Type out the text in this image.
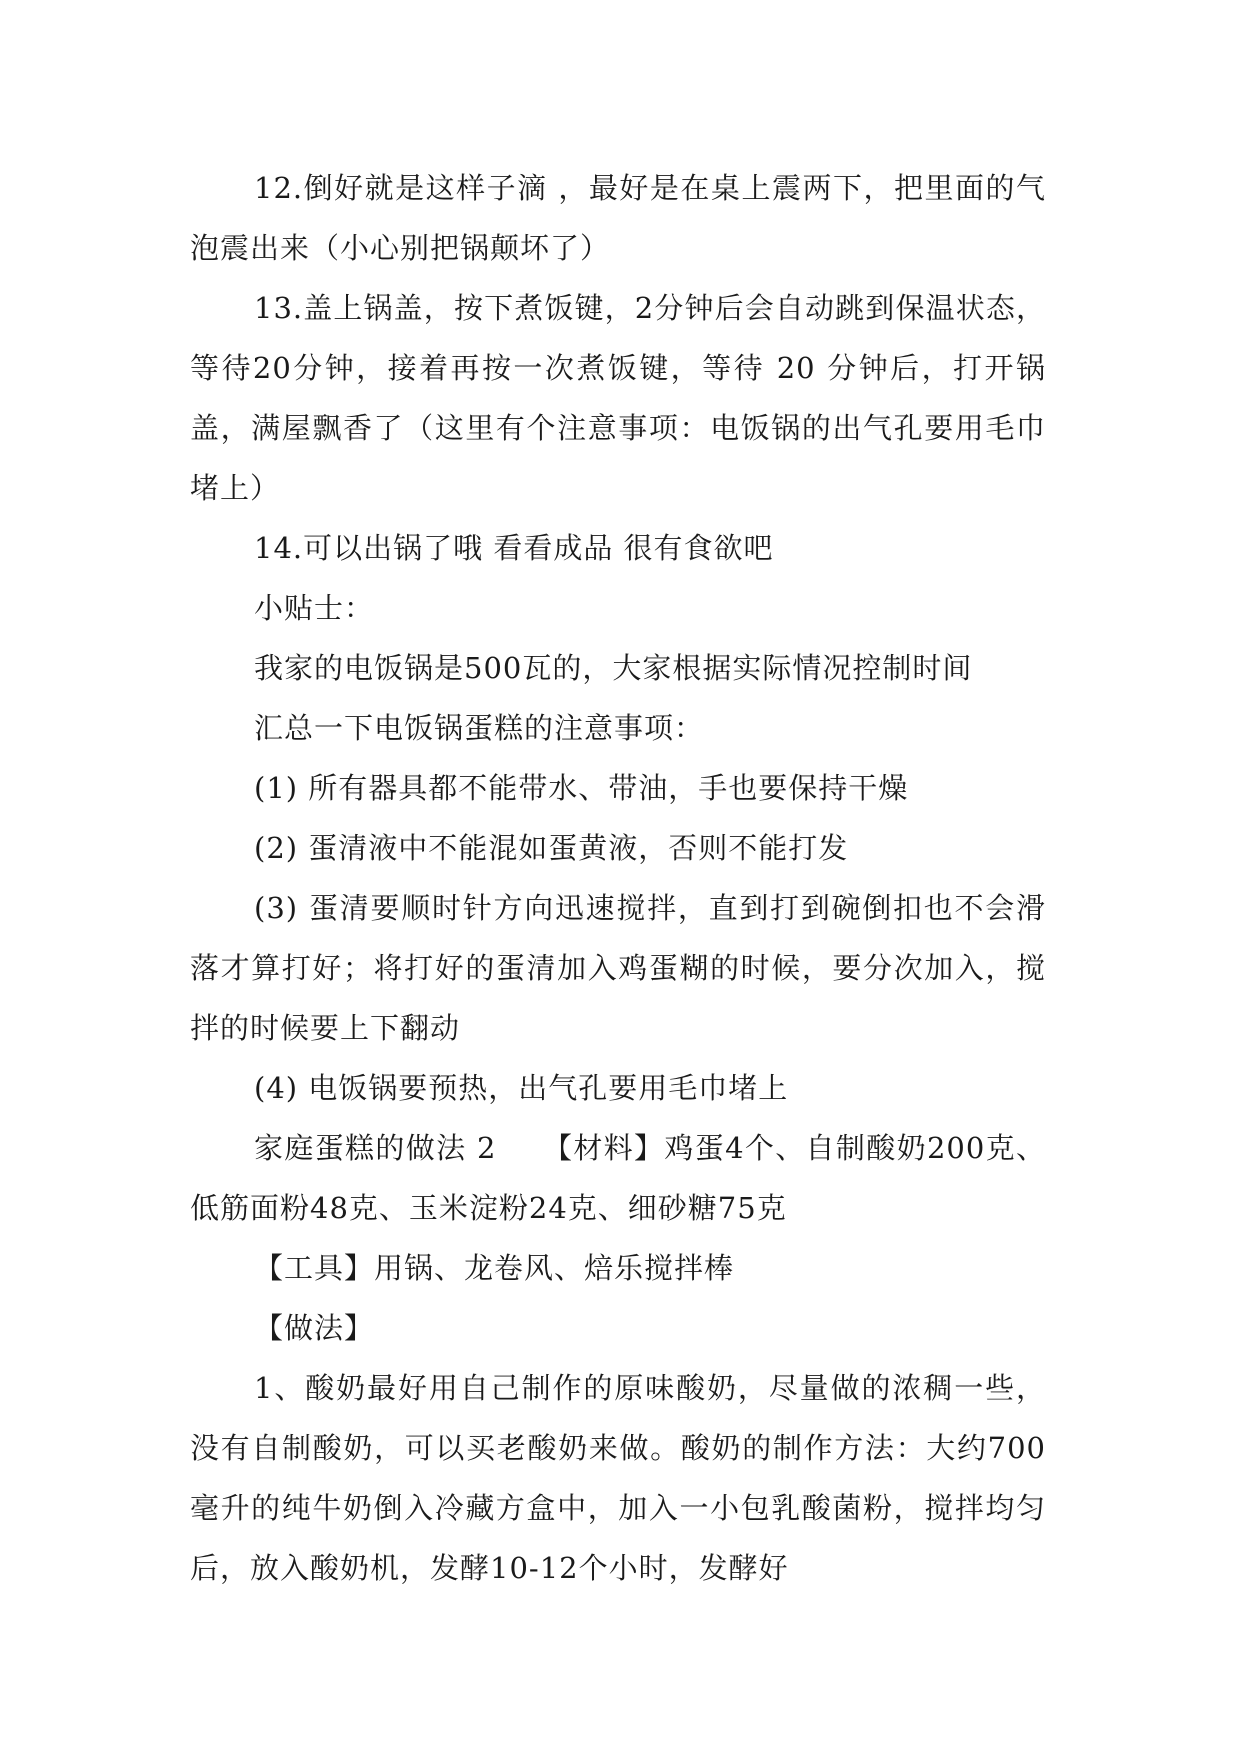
12.倒好就是这样子滴 ，最好是在桌上震两下，把里面的气泡震出来（小心别把锅颠坏了）

13.盖上锅盖，按下煮饭键，2分钟后会自动跳到保温状态，等待20分钟，接着再按一次煮饭键，等待 20 分钟后，打开锅盖，满屋飘香了（这里有个注意事项：电饭锅的出气孔要用毛巾堵上）

14.可以出锅了哦 看看成品 很有食欲吧

小贴士：

我家的电饭锅是500瓦的，大家根据实际情况控制时间

汇总一下电饭锅蛋糕的注意事项：

(1) 所有器具都不能带水、带油，手也要保持干燥

(2) 蛋清液中不能混如蛋黄液，否则不能打发

(3) 蛋清要顺时针方向迅速搅拌，直到打到碗倒扣也不会滑落才算打好；将打好的蛋清加入鸡蛋糊的时候，要分次加入，搅拌的时候要上下翻动

(4) 电饭锅要预热，出气孔要用毛巾堵上

家庭蛋糕的做法 2　　【材料】鸡蛋4个、自制酸奶200克、低筋面粉48克、玉米淀粉24克、细砂糖75克

【工具】用锅、龙卷风、焙乐搅拌棒

【做法】

1、酸奶最好用自己制作的原味酸奶，尽量做的浓稠一些，没有自制酸奶，可以买老酸奶来做。酸奶的制作方法：大约700毫升的纯牛奶倒入冷藏方盒中，加入一小包乳酸菌粉，搅拌均匀后，放入酸奶机，发酵10-12个小时，发酵好
